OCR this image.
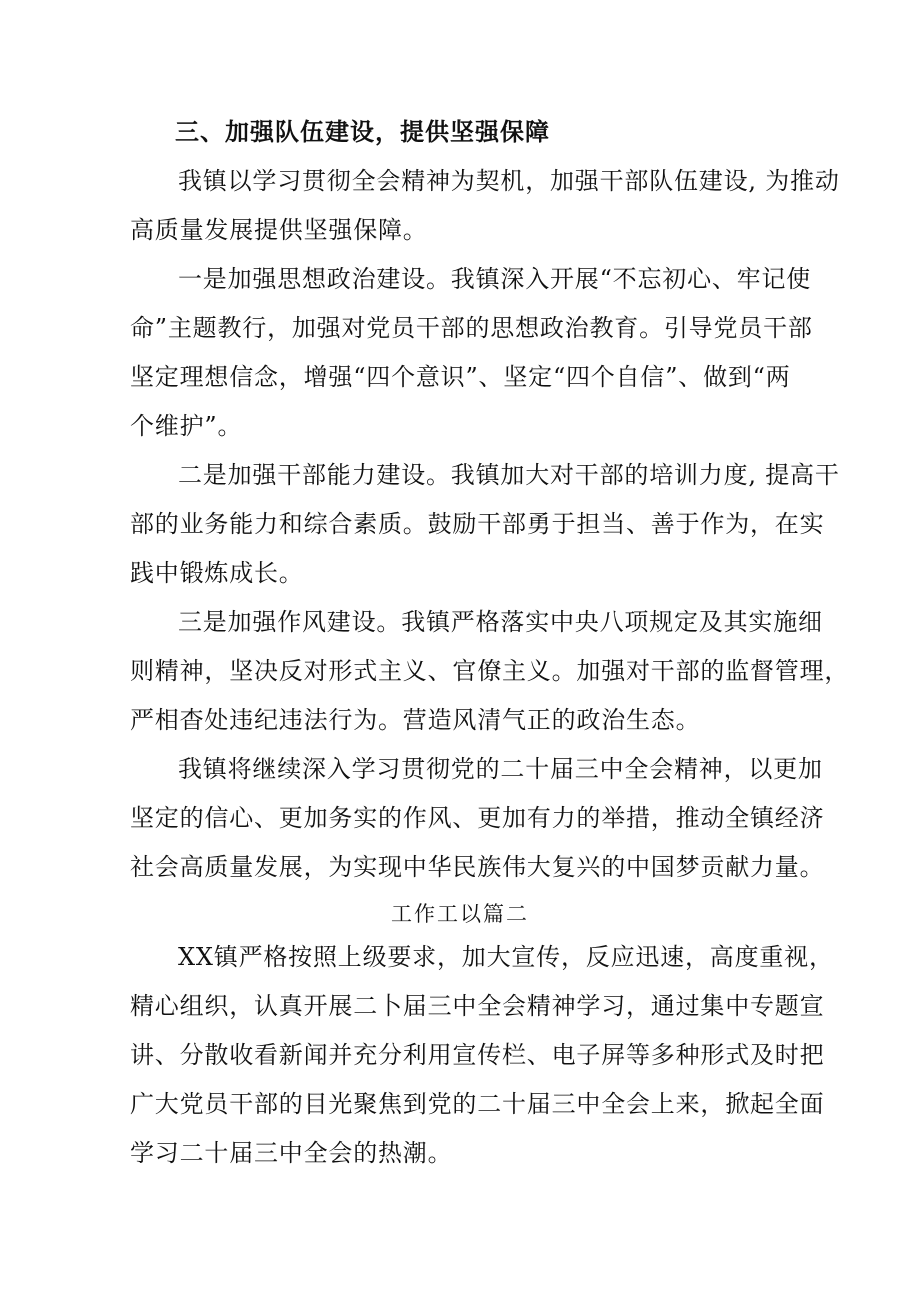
三、加强队伍建设，提供坚强保障
我镇以学习贯彻全会精神为契机，加强干部队伍建设, 为推动
高质量发展提供坚强保障。
一是加强思想政治建设。我镇深入开展“不忘初心、牢记使
命”主题教行，加强对党员干部的思想政治教育。引导党员干部
坚定理想信念，增强“四个意识”、坚定“四个自信”、做到“两
个维护”。
二是加强干部能力建设。我镇加大对干部的培训力度, 提高干
部的业务能力和综合素质。鼓励干部勇于担当、善于作为，在实
践中锻炼成长。
三是加强作风建设。我镇严格落实中央八项规定及其实施细
则精神，坚决反对形式主义、官僚主义。加强对干部的监督管理，
严相杳处违纪违法行为。营造风清气正的政治生态。
我镇将继续深入学习贯彻党的二十届三中全会精神，以更加
坚定的信心、更加务实的作风、更加有力的举措，推动全镇经济
社会高质量发展，为实现中华民族伟大复兴的中国梦贡献力量。
工作工以篇二
XX镇严格按照上级要求，加大宣传，反应迅速，高度重视，
精心组织，认真开展二卜届三中全会精神学习，通过集中专题宣
讲、分散收看新闻并充分利用宣传栏、电子屏等多种形式及时把
广大党员干部的目光聚焦到党的二十届三中全会上来，掀起全面
学习二十届三中全会的热潮。
